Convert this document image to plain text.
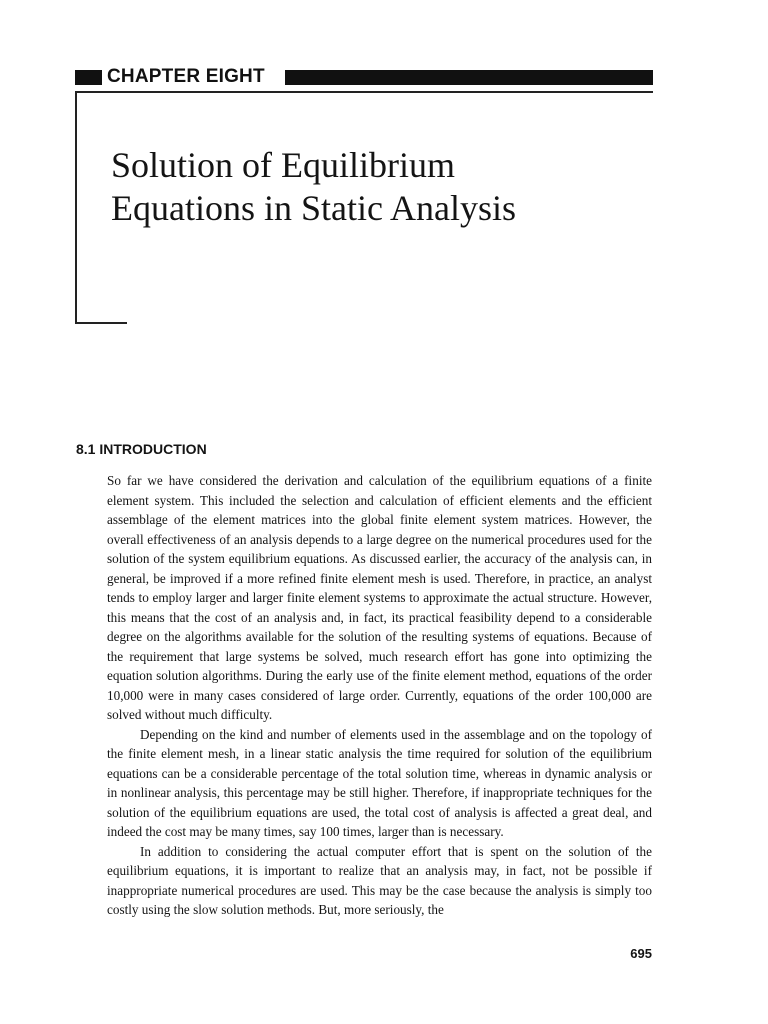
CHAPTER EIGHT
Solution of Equilibrium
Equations in Static Analysis
8.1 INTRODUCTION

So far we have considered the derivation and calculation of the equilibrium equations of a finite element system. This included the selection and calculation of efficient elements and the efficient assemblage of the element matrices into the global finite element system matrices. However, the overall effectiveness of an analysis depends to a large degree on the numerical procedures used for the solution of the system equilibrium equations. As discussed earlier, the accuracy of the analysis can, in general, be improved if a more refined finite element mesh is used. Therefore, in practice, an analyst tends to employ larger and larger finite element systems to approximate the actual structure. However, this means that the cost of an analysis and, in fact, its practical feasibility depend to a considerable degree on the algorithms available for the solution of the resulting systems of equations. Because of the requirement that large systems be solved, much research effort has gone into optimizing the equation solution algorithms. During the early use of the finite element method, equations of the order 10,000 were in many cases considered of large order. Currently, equations of the order 100,000 are solved without much difficulty.

Depending on the kind and number of elements used in the assemblage and on the topology of the finite element mesh, in a linear static analysis the time required for solution of the equilibrium equations can be a considerable percentage of the total solution time, whereas in dynamic analysis or in nonlinear analysis, this percentage may be still higher. Therefore, if inappropriate techniques for the solution of the equilibrium equations are used, the total cost of analysis is affected a great deal, and indeed the cost may be many times, say 100 times, larger than is necessary.

In addition to considering the actual computer effort that is spent on the solution of the equilibrium equations, it is important to realize that an analysis may, in fact, not be possible if inappropriate numerical procedures are used. This may be the case because the analysis is simply too costly using the slow solution methods. But, more seriously, the

695
